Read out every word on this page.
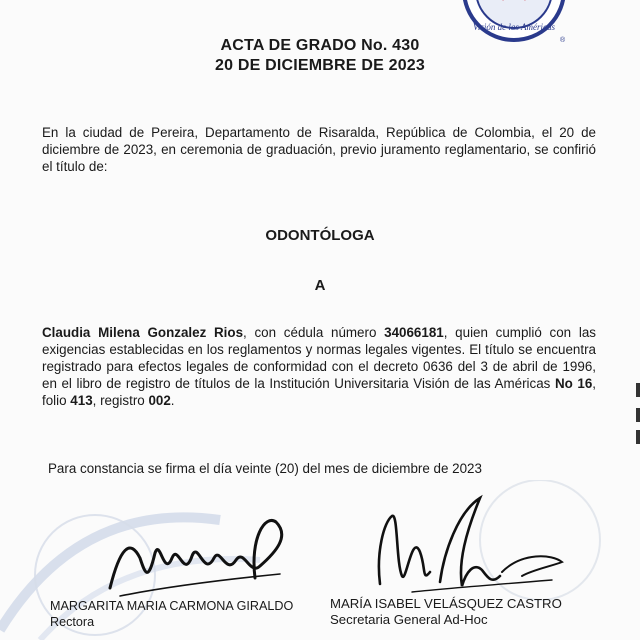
Visión de las Américas
®
ACTA DE GRADO No. 430
20 DE DICIEMBRE DE 2023
En la ciudad de Pereira, Departamento de Risaralda, República de Colombia, el 20 de diciembre de 2023, en ceremonia de graduación, previo juramento reglamentario, se confirió el título de:
ODONTÓLOGA
A
Claudia Milena Gonzalez Rios, con cédula número 34066181, quien cumplió con las exigencias establecidas en los reglamentos y normas legales vigentes. El título se encuentra registrado para efectos legales de conformidad con el decreto 0636 del 3 de abril de 1996, en el libro de registro de títulos de la Institución Universitaria Visión de las Américas No 16, folio 413, registro 002.
Para constancia se firma el día veinte (20) del mes de diciembre de 2023
MARGARITA MARIA CARMONA GIRALDO
Rectora
MARÍA ISABEL VELÁSQUEZ CASTRO
Secretaria General Ad-Hoc
